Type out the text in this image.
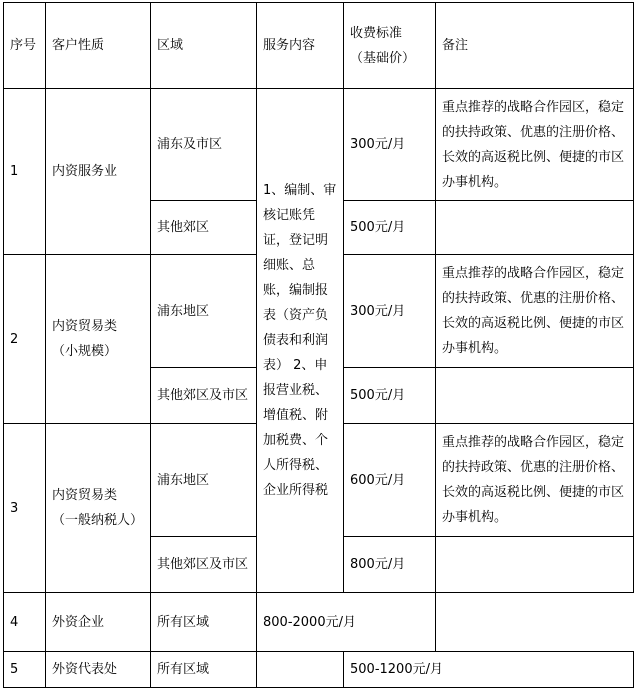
序号	客户性质	区域	服务内容	收费标准 （基础价）	备注
1	内资服务业	浦东及市区	1、编制、审核记账凭证，登记明细账、总账，编制报表（资产负债表和利润表） 2、申报营业税、增值税、附加税费、个人所得税、企业所得税	300元/月	重点推荐的战略合作园区，稳定的扶持政策、优惠的注册价格、长效的高返税比例、便捷的市区办事机构。
		其他郊区		500元/月	
2	内资贸易类 （小规模）	浦东地区		300元/月	重点推荐的战略合作园区，稳定的扶持政策、优惠的注册价格、长效的高返税比例、便捷的市区办事机构。
		其他郊区及市区		500元/月	
3	内资贸易类 （一般纳税人）	浦东地区		600元/月	重点推荐的战略合作园区，稳定的扶持政策、优惠的注册价格、长效的高返税比例、便捷的市区办事机构。
		其他郊区及市区		800元/月	
4	外资企业	所有区域	800-2000元/月		
5	外资代表处	所有区域		500-1200元/月	
